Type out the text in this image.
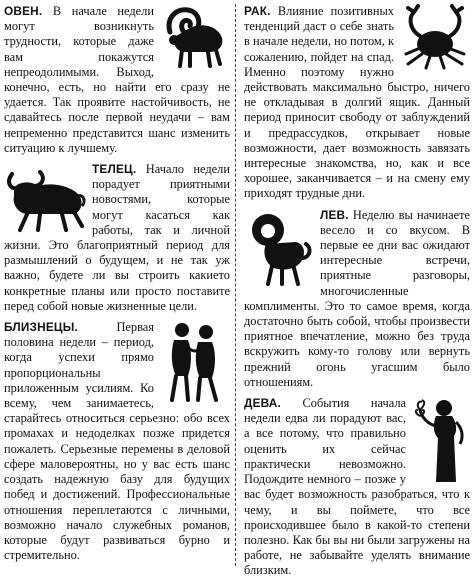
ОВЕН. В начале недели могут возникнуть трудности, которые даже вам покажутся непреодолимыми. Выход, конечно, есть, но найти его сразу не удается. Так проявите настойчивость, не сдавайтесь после первой неудачи – вам непременно представится шанс изменить ситуацию к лучшему.

ТЕЛЕЦ. Начало недели порадует приятными новостями, которые могут касаться как работы, так и личной жизни. Это благоприятный период для размышлений о будущем, и не так уж важно, будете ли вы строить какието конкретные планы или просто поставите перед собой новые жизненные цели.

БЛИЗНЕЦЫ. Первая половина недели – период, когда успехи прямо пропорциональны приложенным усилиям. Ко всему, чем занимаетесь, старайтесь относиться серьезно: обо всех промахах и недоделках позже придется пожалеть. Серьезные перемены в деловой сфере маловероятны, но у вас есть шанс создать надежную базу для будущих побед и достижений. Профессиональные отношения переплетаются с личными, возможно начало служебных романов, которые будут развиваться бурно и стремительно.

РАК. Влияние позитивных тенденций даст о себе знать в начале недели, но потом, к сожалению, пойдет на спад. Именно поэтому нужно действовать максимально быстро, ничего не откладывая в долгий ящик. Данный период приносит свободу от заблуждений и предрассудков, открывает новые возможности, дает возможность завязать интересные знакомства, но, как и все хорошее, заканчивается – и на смену ему приходят трудные дни.

ЛЕВ. Неделю вы начинаете весело и со вкусом. В первые ее дни вас ожидают интересные встречи, приятные разговоры, многочисленные комплименты. Это то самое время, когда достаточно быть собой, чтобы произвести приятное впечатление, можно без труда вскружить кому-то голову или вернуть прежний огонь угасшим было отношениям.

ДЕВА. События начала недели едва ли порадуют вас, а все потому, что правильно оценить их сейчас практически невозможно. Подождите немного – позже у вас будет возможность разобраться, что к чему, и вы поймете, что все происходившее было в какой-то степени полезно. Как бы вы ни были загружены на работе, не забывайте уделять внимание близким.
